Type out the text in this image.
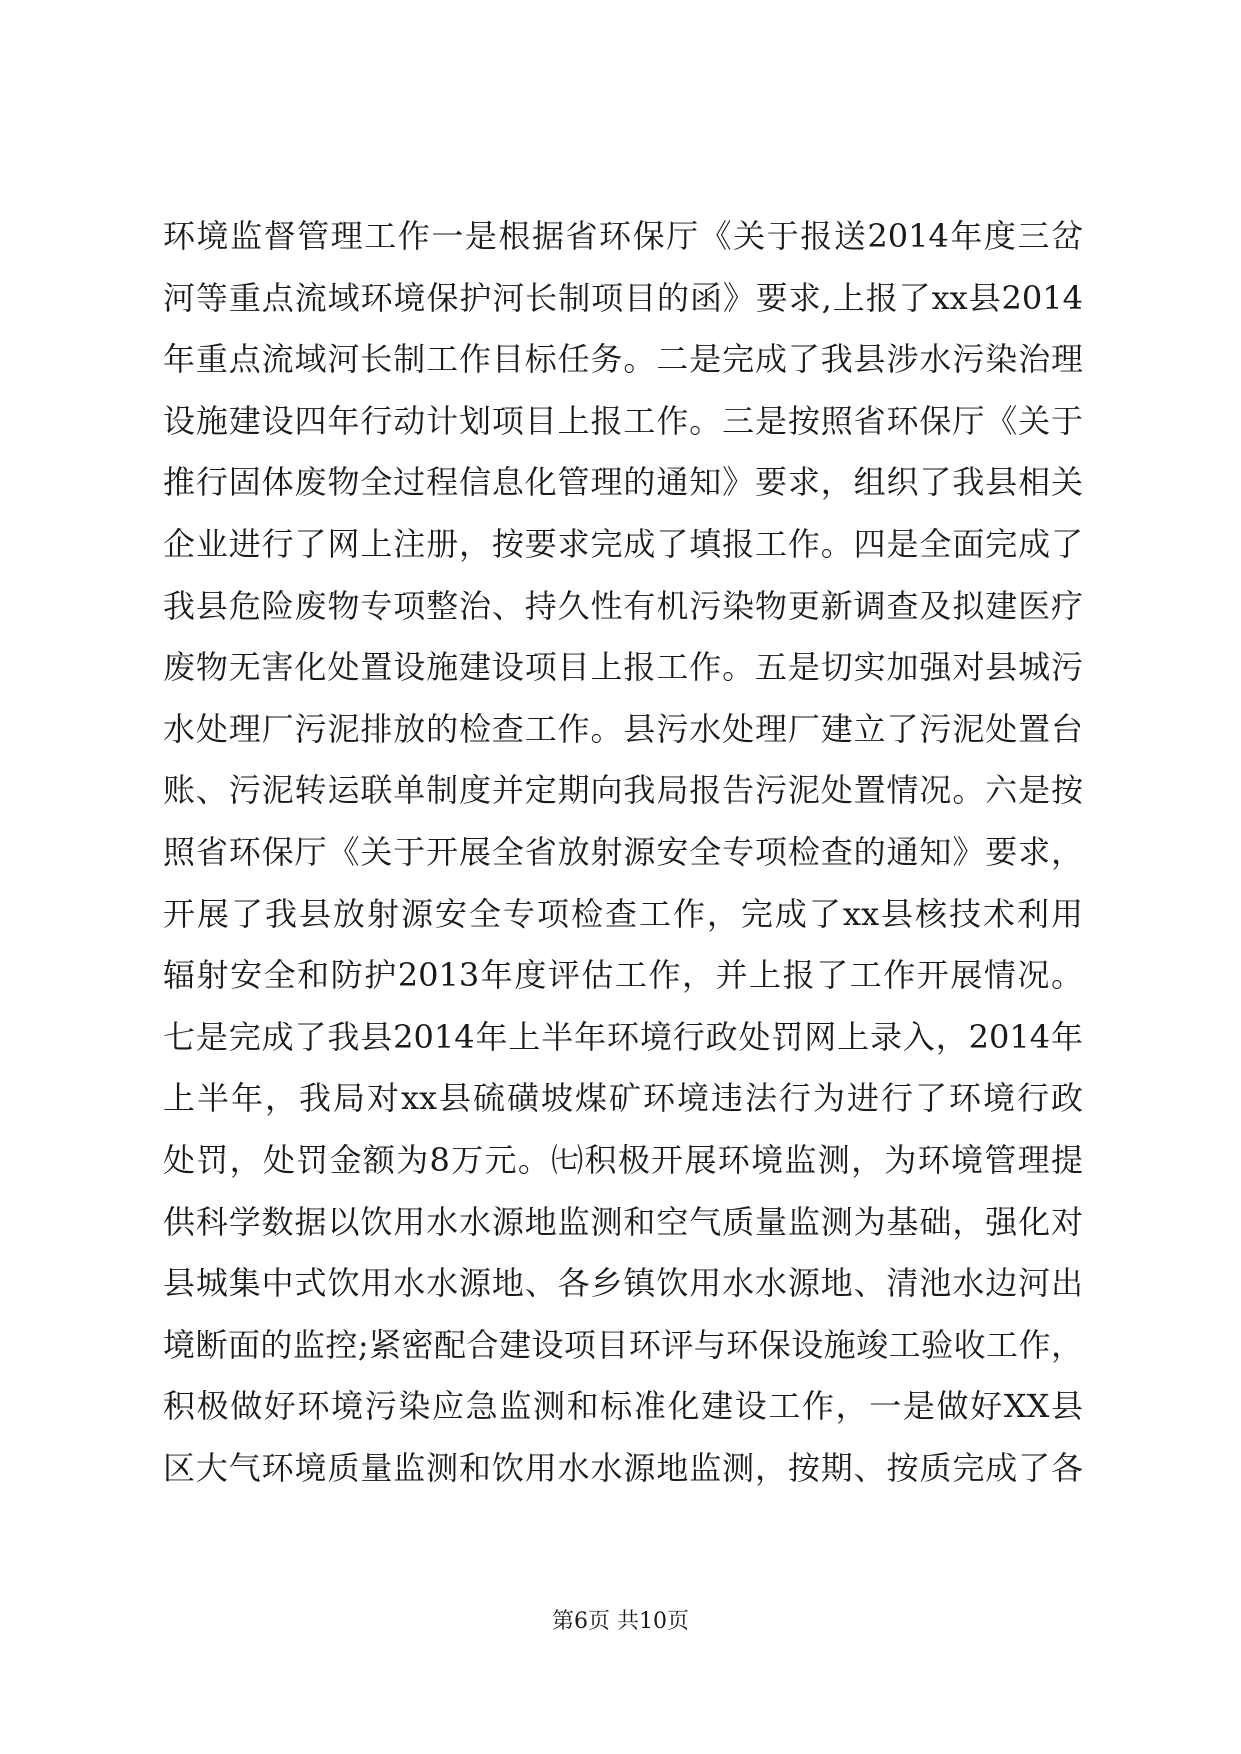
环境监督管理工作一是根据省环保厅《关于报送2014年度三岔
河等重点流域环境保护河长制项目的函》要求,上报了xx县2014
年重点流域河长制工作目标任务。二是完成了我县涉水污染治理
设施建设四年行动计划项目上报工作。三是按照省环保厅《关于
推行固体废物全过程信息化管理的通知》要求，组织了我县相关
企业进行了网上注册，按要求完成了填报工作。四是全面完成了
我县危险废物专项整治、持久性有机污染物更新调查及拟建医疗
废物无害化处置设施建设项目上报工作。五是切实加强对县城污
水处理厂污泥排放的检查工作。县污水处理厂建立了污泥处置台
账、污泥转运联单制度并定期向我局报告污泥处置情况。六是按
照省环保厅《关于开展全省放射源安全专项检查的通知》要求，
开展了我县放射源安全专项检查工作，完成了xx县核技术利用
辐射安全和防护2013年度评估工作，并上报了工作开展情况。
七是完成了我县2014年上半年环境行政处罚网上录入，2014年
上半年，我局对xx县硫磺坡煤矿环境违法行为进行了环境行政
处罚，处罚金额为8万元。㈦积极开展环境监测，为环境管理提
供科学数据以饮用水水源地监测和空气质量监测为基础，强化对
县城集中式饮用水水源地、各乡镇饮用水水源地、清池水边河出
境断面的监控;紧密配合建设项目环评与环保设施竣工验收工作，
积极做好环境污染应急监测和标准化建设工作，一是做好XX县
区大气环境质量监测和饮用水水源地监测，按期、按质完成了各
第6页 共10页
